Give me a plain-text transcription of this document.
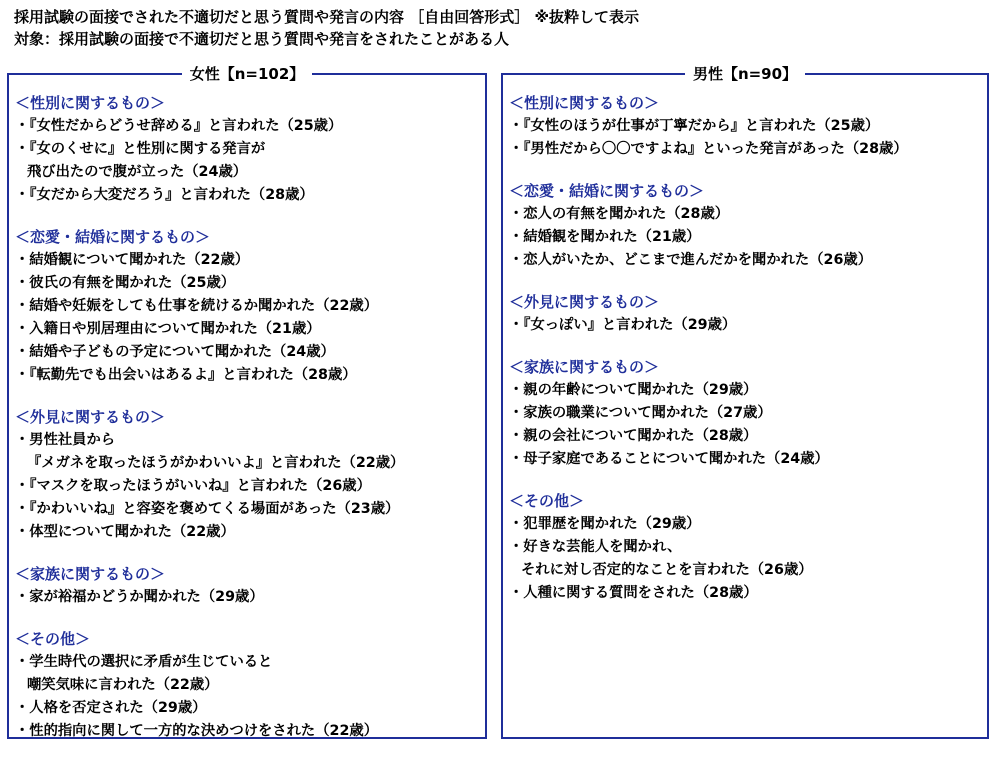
採用試験の面接でされた不適切だと思う質問や発言の内容 ［自由回答形式］ ※抜粋して表示
対象：採用試験の面接で不適切だと思う質問や発言をされたことがある人
女性【n=102】
＜性別に関するもの＞
・『女性だからどうせ辞める』と言われた（25歳）
・『女のくせに』と性別に関する発言が
飛び出たので腹が立った（24歳）
・『女だから大変だろう』と言われた（28歳）
＜恋愛・結婚に関するもの＞
・結婚観について聞かれた（22歳）
・彼氏の有無を聞かれた（25歳）
・結婚や妊娠をしても仕事を続けるか聞かれた（22歳）
・入籍日や別居理由について聞かれた（21歳）
・結婚や子どもの予定について聞かれた（24歳）
・『転勤先でも出会いはあるよ』と言われた（28歳）
＜外見に関するもの＞
・男性社員から
『メガネを取ったほうがかわいいよ』と言われた（22歳）
・『マスクを取ったほうがいいね』と言われた（26歳）
・『かわいいね』と容姿を褒めてくる場面があった（23歳）
・体型について聞かれた（22歳）
＜家族に関するもの＞
・家が裕福かどうか聞かれた（29歳）
＜その他＞
・学生時代の選択に矛盾が生じていると
嘲笑気味に言われた（22歳）
・人格を否定された（29歳）
・性的指向に関して一方的な決めつけをされた（22歳）
男性【n=90】
＜性別に関するもの＞
・『女性のほうが仕事が丁寧だから』と言われた（25歳）
・『男性だから〇〇ですよね』といった発言があった（28歳）
＜恋愛・結婚に関するもの＞
・恋人の有無を聞かれた（28歳）
・結婚観を聞かれた（21歳）
・恋人がいたか、どこまで進んだかを聞かれた（26歳）
＜外見に関するもの＞
・『女っぽい』と言われた（29歳）
＜家族に関するもの＞
・親の年齢について聞かれた（29歳）
・家族の職業について聞かれた（27歳）
・親の会社について聞かれた（28歳）
・母子家庭であることについて聞かれた（24歳）
＜その他＞
・犯罪歴を聞かれた（29歳）
・好きな芸能人を聞かれ、
それに対し否定的なことを言われた（26歳）
・人種に関する質問をされた（28歳）
